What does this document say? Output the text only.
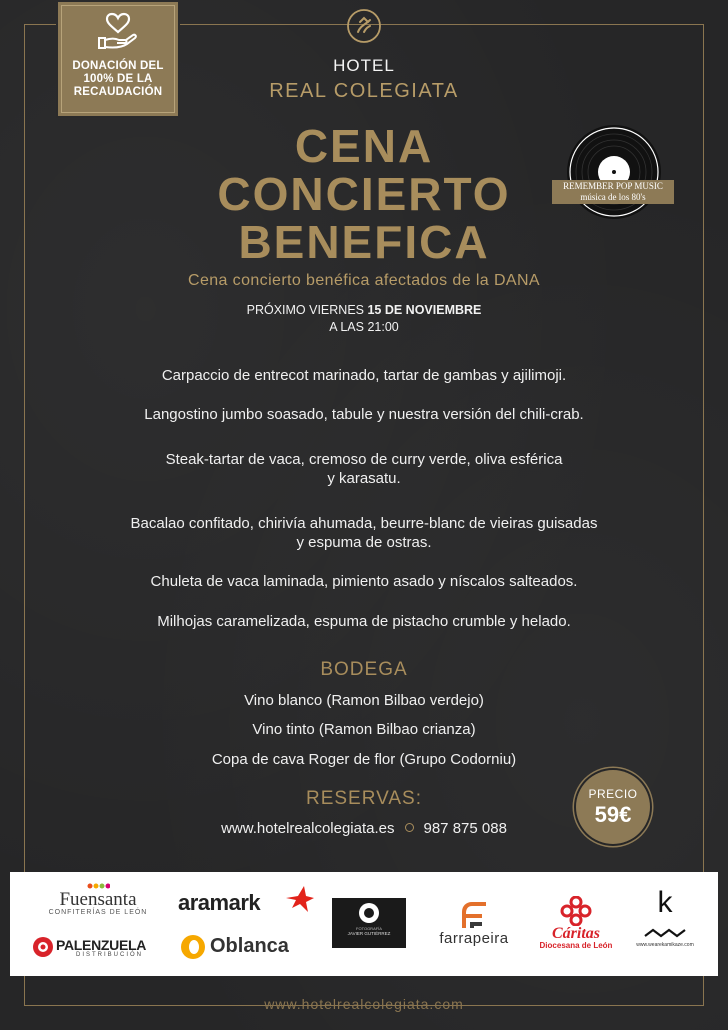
DONACIÓN DEL
100% DE LA
RECAUDACIÓN
HOTEL
REAL COLEGIATA
CENA
CONCIERTO
BENEFICA
REMEMBER POP MUSIC
música de los 80's
Cena concierto benéfica afectados de la DANA
PRÓXIMO VIERNES 15 DE NOVIEMBRE
A LAS 21:00
Carpaccio de entrecot marinado, tartar de gambas y ajilimoji.
Langostino jumbo soasado, tabule y nuestra versión del chili-crab.
Steak-tartar de vaca, cremoso de curry verde, oliva esférica
y karasatu.
Bacalao confitado, chirivía ahumada, beurre-blanc de vieiras guisadas
y espuma de ostras.
Chuleta de vaca laminada, pimiento asado y níscalos salteados.
Milhojas caramelizada, espuma de pistacho crumble y helado.
BODEGA
Vino blanco (Ramon Bilbao verdejo)
Vino tinto (Ramon Bilbao crianza)
Copa de cava Roger de flor (Grupo Codorniu)
RESERVAS:
www.hotelrealcolegiata.es 987 875 088
PRECIO
59€
Fuensanta
CONFITERÍAS DE LEÓN
PALENZUELA
DISTRIBUCIÓN
aramark
Oblanca
FOTOGRAFÍA
JAVIER GUTIÉRREZ	farrapeira	Cáritas
Diocesana de León
k
www.wearekamikaze.com
www.hotelrealcolegiata.com
